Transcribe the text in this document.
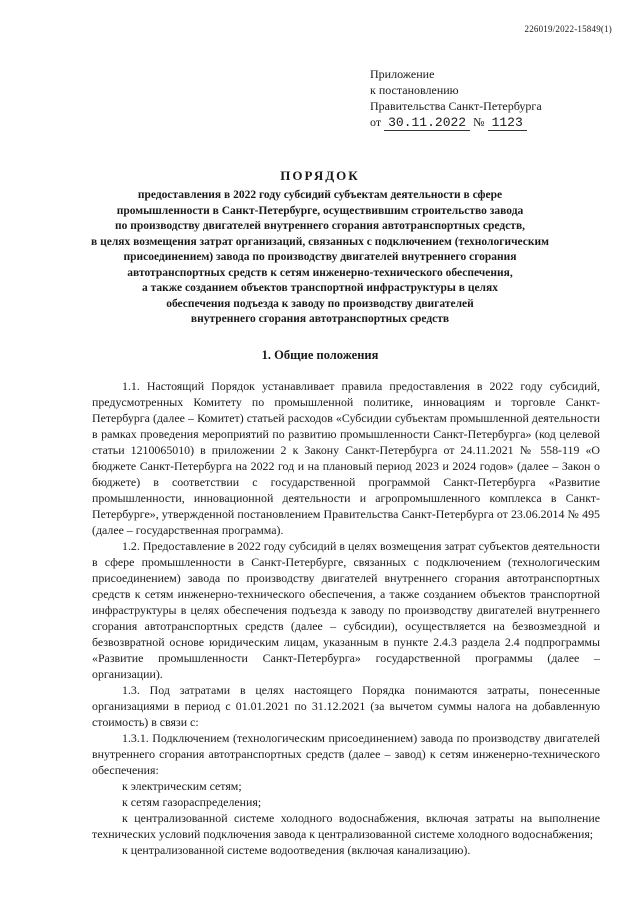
226019/2022-15849(1)
Приложение
к постановлению
Правительства Санкт-Петербурга
от 30.11.2022 № 1123
ПОРЯДОК
предоставления в 2022 году субсидий субъектам деятельности в сфере
промышленности в Санкт-Петербурге, осуществившим строительство завода
по производству двигателей внутреннего сгорания автотранспортных средств,
в целях возмещения затрат организаций, связанных с подключением (технологическим
присоединением) завода по производству двигателей внутреннего сгорания
автотранспортных средств к сетям инженерно-технического обеспечения,
а также созданием объектов транспортной инфраструктуры в целях
обеспечения подъезда к заводу по производству двигателей
внутреннего сгорания автотранспортных средств
1. Общие положения

1.1. Настоящий Порядок устанавливает правила предоставления в 2022 году субсидий, предусмотренных Комитету по промышленной политике, инновациям и торговле Санкт-Петербурга (далее – Комитет) статьей расходов «Субсидии субъектам промышленной деятельности в рамках проведения мероприятий по развитию промышленности Санкт-Петербурга» (код целевой статьи 1210065010) в приложении 2 к Закону Санкт-Петербурга от 24.11.2021 № 558-119 «О бюджете Санкт-Петербурга на 2022 год и на плановый период 2023 и 2024 годов» (далее – Закон о бюджете) в соответствии с государственной программой Санкт-Петербурга «Развитие промышленности, инновационной деятельности и агропромышленного комплекса в Санкт-Петербурге», утвержденной постановлением Правительства Санкт-Петербурга от 23.06.2014 № 495 (далее – государственная программа).

1.2. Предоставление в 2022 году субсидий в целях возмещения затрат субъектов деятельности в сфере промышленности в Санкт-Петербурге, связанных с подключением (технологическим присоединением) завода по производству двигателей внутреннего сгорания автотранспортных средств к сетям инженерно-технического обеспечения, а также созданием объектов транспортной инфраструктуры в целях обеспечения подъезда к заводу по производству двигателей внутреннего сгорания автотранспортных средств (далее – субсидии), осуществляется на безвозмездной и безвозвратной основе юридическим лицам, указанным в пункте 2.4.3 раздела 2.4 подпрограммы «Развитие промышленности Санкт-Петербурга» государственной программы (далее – организации).

1.3. Под затратами в целях настоящего Порядка понимаются затраты, понесенные организациями в период с 01.01.2021 по 31.12.2021 (за вычетом суммы налога на добавленную стоимость) в связи с:

1.3.1. Подключением (технологическим присоединением) завода по производству двигателей внутреннего сгорания автотранспортных средств (далее – завод) к сетям инженерно-технического обеспечения:

к электрическим сетям;

к сетям газораспределения;

к централизованной системе холодного водоснабжения, включая затраты на выполнение технических условий подключения завода к централизованной системе холодного водоснабжения;

к централизованной системе водоотведения (включая канализацию).
